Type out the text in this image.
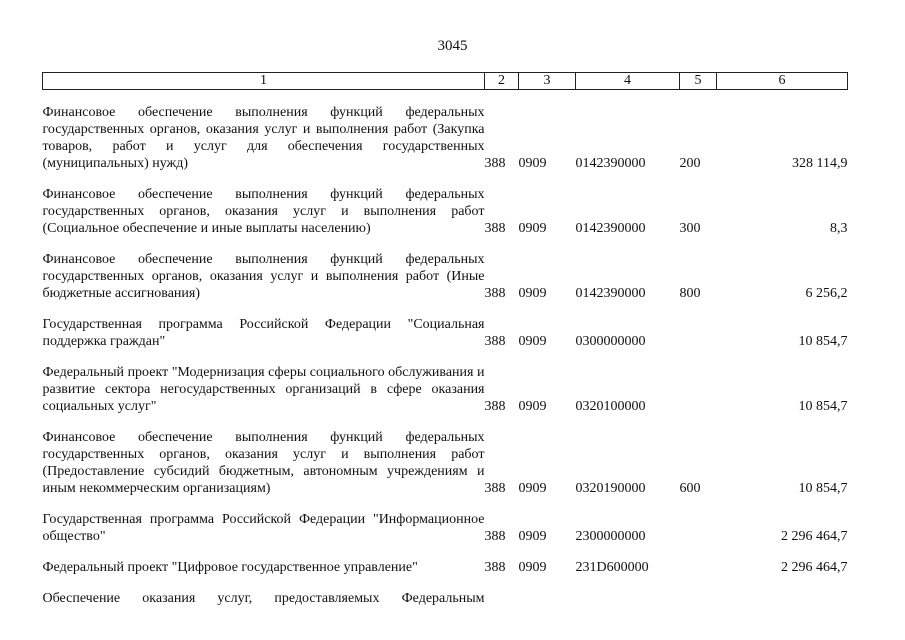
3045
1	2	3	4	5	6

Финансовое обеспечение выполнения функций федеральных государственных органов, оказания услуг и выполнения работ (Закупка товаров, работ и услуг для обеспечения государственных (муниципальных) нужд)	388	0909	0142390000	200	328 114,9

Финансовое обеспечение выполнения функций федеральных государственных органов, оказания услуг и выполнения работ (Социальное обеспечение и иные выплаты населению)	388	0909	0142390000	300	8,3

Финансовое обеспечение выполнения функций федеральных государственных органов, оказания услуг и выполнения работ (Иные бюджетные ассигнования)	388	0909	0142390000	800	6 256,2

Государственная программа Российской Федерации "Социальная поддержка граждан"	388	0909	0300000000		10 854,7

Федеральный проект "Модернизация сферы социального обслуживания и развитие сектора негосударственных организаций в сфере оказания социальных услуг"	388	0909	0320100000		10 854,7

Финансовое обеспечение выполнения функций федеральных государственных органов, оказания услуг и выполнения работ (Предоставление субсидий бюджетным, автономным учреждениям и иным некоммерческим организациям)	388	0909	0320190000	600	10 854,7

Государственная программа Российской Федерации "Информационное общество"	388	0909	2300000000		2 296 464,7

Федеральный проект "Цифровое государственное управление"	388	0909	231D600000		2 296 464,7

Обеспечение оказания услуг, предоставляемых Федеральным					
